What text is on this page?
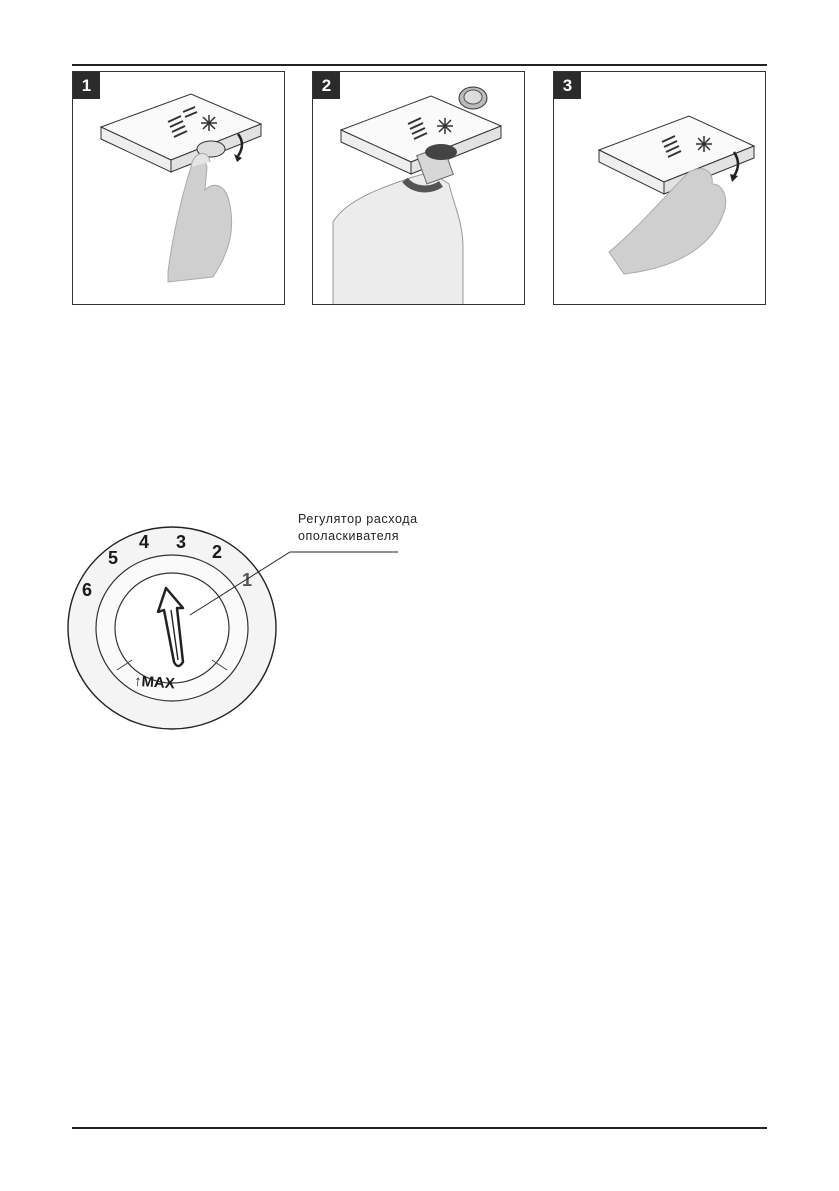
1	2	3
6
5
4 3 2
1
↑MAX
Регулятор расхода
ополаскивателя
